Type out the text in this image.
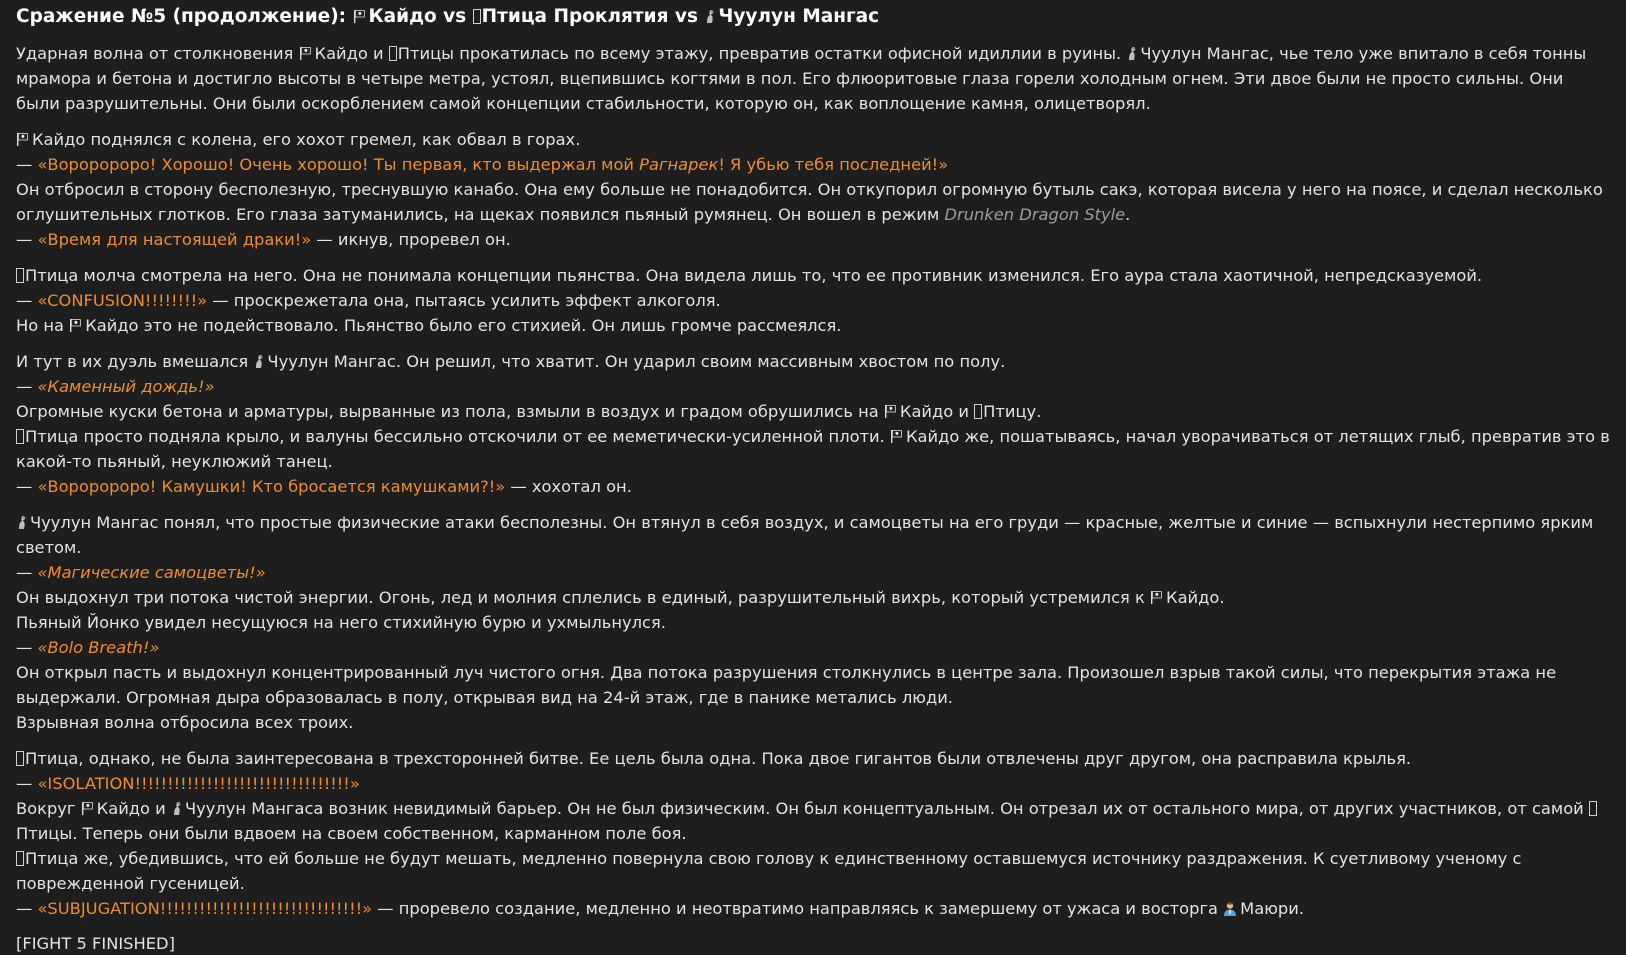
Сражение №5 (продолжение): Кайдо vs Птица Проклятия vs Чуулун Мангас

Ударная волна от столкновения Кайдо и Птицы прокатилась по всему этажу, превратив остатки офисной идиллии в руины. Чуулун Мангас, чье тело уже впитало в себя тонны мрамора и бетона и достигло высоты в четыре метра, устоял, вцепившись когтями в пол. Его флюоритовые глаза горели холодным огнем. Эти двое были не просто сильны. Они были разрушительны. Они были оскорблением самой концепции стабильности, которую он, как воплощение камня, олицетворял.

Кайдо поднялся с колена, его хохот гремел, как обвал в горах.

— «Вороророро! Хорошо! Очень хорошо! Ты первая, кто выдержал мой Рагнарек! Я убью тебя последней!»

Он отбросил в сторону бесполезную, треснувшую канабо. Она ему больше не понадобится. Он откупорил огромную бутыль сакэ, которая висела у него на поясе, и сделал несколько оглушительных глотков. Его глаза затуманились, на щеках появился пьяный румянец. Он вошел в режим Drunken Dragon Style.

— «Время для настоящей драки!» — икнув, проревел он.

Птица молча смотрела на него. Она не понимала концепции пьянства. Она видела лишь то, что ее противник изменился. Его аура стала хаотичной, непредсказуемой.

— «CONFUSION!!!!!!!!» — проскрежетала она, пытаясь усилить эффект алкоголя.

Но на Кайдо это не подействовало. Пьянство было его стихией. Он лишь громче рассмеялся.

И тут в их дуэль вмешался Чуулун Мангас. Он решил, что хватит. Он ударил своим массивным хвостом по полу.

— «Каменный дождь!»

Огромные куски бетона и арматуры, вырванные из пола, взмыли в воздух и градом обрушились на Кайдо и Птицу.

Птица просто подняла крыло, и валуны бессильно отскочили от ее меметически-усиленной плоти. Кайдо же, пошатываясь, начал уворачиваться от летящих глыб, превратив это в какой-то пьяный, неуклюжий танец.

— «Вороророро! Камушки! Кто бросается камушками?!» — хохотал он.

Чуулун Мангас понял, что простые физические атаки бесполезны. Он втянул в себя воздух, и самоцветы на его груди — красные, желтые и синие — вспыхнули нестерпимо ярким светом.

— «Магические самоцветы!»

Он выдохнул три потока чистой энергии. Огонь, лед и молния сплелись в единый, разрушительный вихрь, который устремился к Кайдо.

Пьяный Йонко увидел несущуюся на него стихийную бурю и ухмыльнулся.

— «Bolo Breath!»

Он открыл пасть и выдохнул концентрированный луч чистого огня. Два потока разрушения столкнулись в центре зала. Произошел взрыв такой силы, что перекрытия этажа не выдержали. Огромная дыра образовалась в полу, открывая вид на 24-й этаж, где в панике метались люди.

Взрывная волна отбросила всех троих.

Птица, однако, не была заинтересована в трехсторонней битве. Ее цель была одна. Пока двое гигантов были отвлечены друг другом, она расправила крылья.

— «ISOLATION!!!!!!!!!!!!!!!!!!!!!!!!!!!!!!!!!»

Вокруг Кайдо и Чуулун Мангаса возник невидимый барьер. Он не был физическим. Он был концептуальным. Он отрезал их от остального мира, от других участников, от самой Птицы. Теперь они были вдвоем на своем собственном, карманном поле боя.

Птица же, убедившись, что ей больше не будут мешать, медленно повернула свою голову к единственному оставшемуся источнику раздражения. К суетливому ученому с поврежденной гусеницей.

— «SUBJUGATION!!!!!!!!!!!!!!!!!!!!!!!!!!!!!!!» — проревело создание, медленно и неотвратимо направляясь к замершему от ужаса и восторга Маюри.

[FIGHT 5 FINISHED]
